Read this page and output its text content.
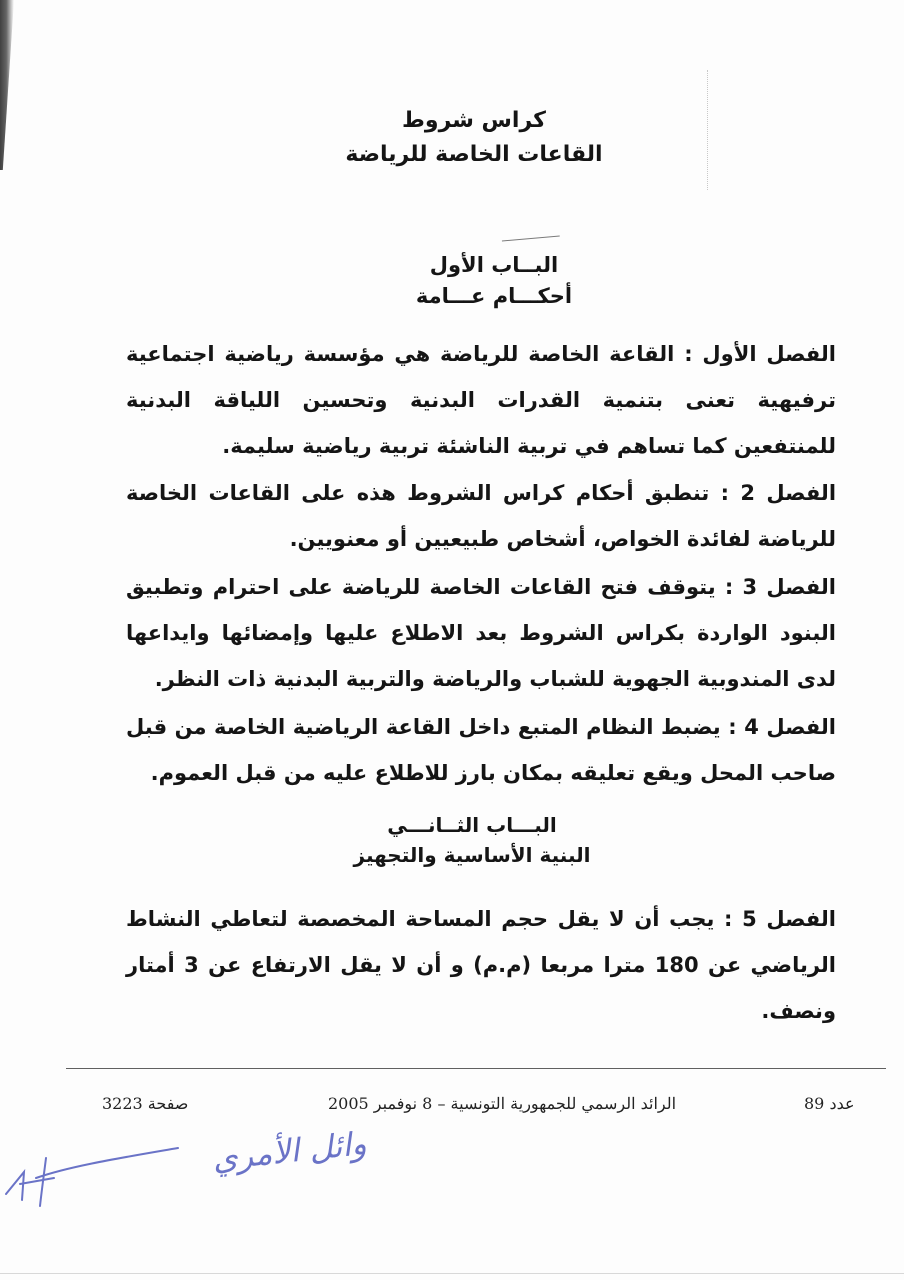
كراس شروط
القاعات الخاصة للرياضة
البــاب الأول
أحكـــام عـــامة
الفصل الأول : القاعة الخاصة للرياضة هي مؤسسة رياضية اجتماعية ترفيهية تعنى بتنمية القدرات البدنية وتحسين اللياقة البدنية للمنتفعين كما تساهم في تربية الناشئة تربية رياضية سليمة.
الفصل 2 : تنطبق أحكام كراس الشروط هذه على القاعات الخاصة للرياضة لفائدة الخواص، أشخاص طبيعيين أو معنويين.
الفصل 3 : يتوقف فتح القاعات الخاصة للرياضة على احترام وتطبيق البنود الواردة بكراس الشروط بعد الاطلاع عليها وإمضائها وايداعها لدى المندوبية الجهوية للشباب والرياضة والتربية البدنية ذات النظر.
الفصل 4 : يضبط النظام المتبع داخل القاعة الرياضية الخاصة من قبل صاحب المحل ويقع تعليقه بمكان بارز للاطلاع عليه من قبل العموم.
البـــاب الثــانـــي
البنية الأساسية والتجهيز
الفصل 5 : يجب أن لا يقل حجم المساحة المخصصة لتعاطي النشاط الرياضي عن 180 مترا مربعا (م.م) و أن لا يقل الارتفاع عن 3 أمتار ونصف.
صفحة 3223	الرائد الرسمي للجمهورية التونسية – 8 نوفمبر 2005	عدد 89
وائل الأمري
